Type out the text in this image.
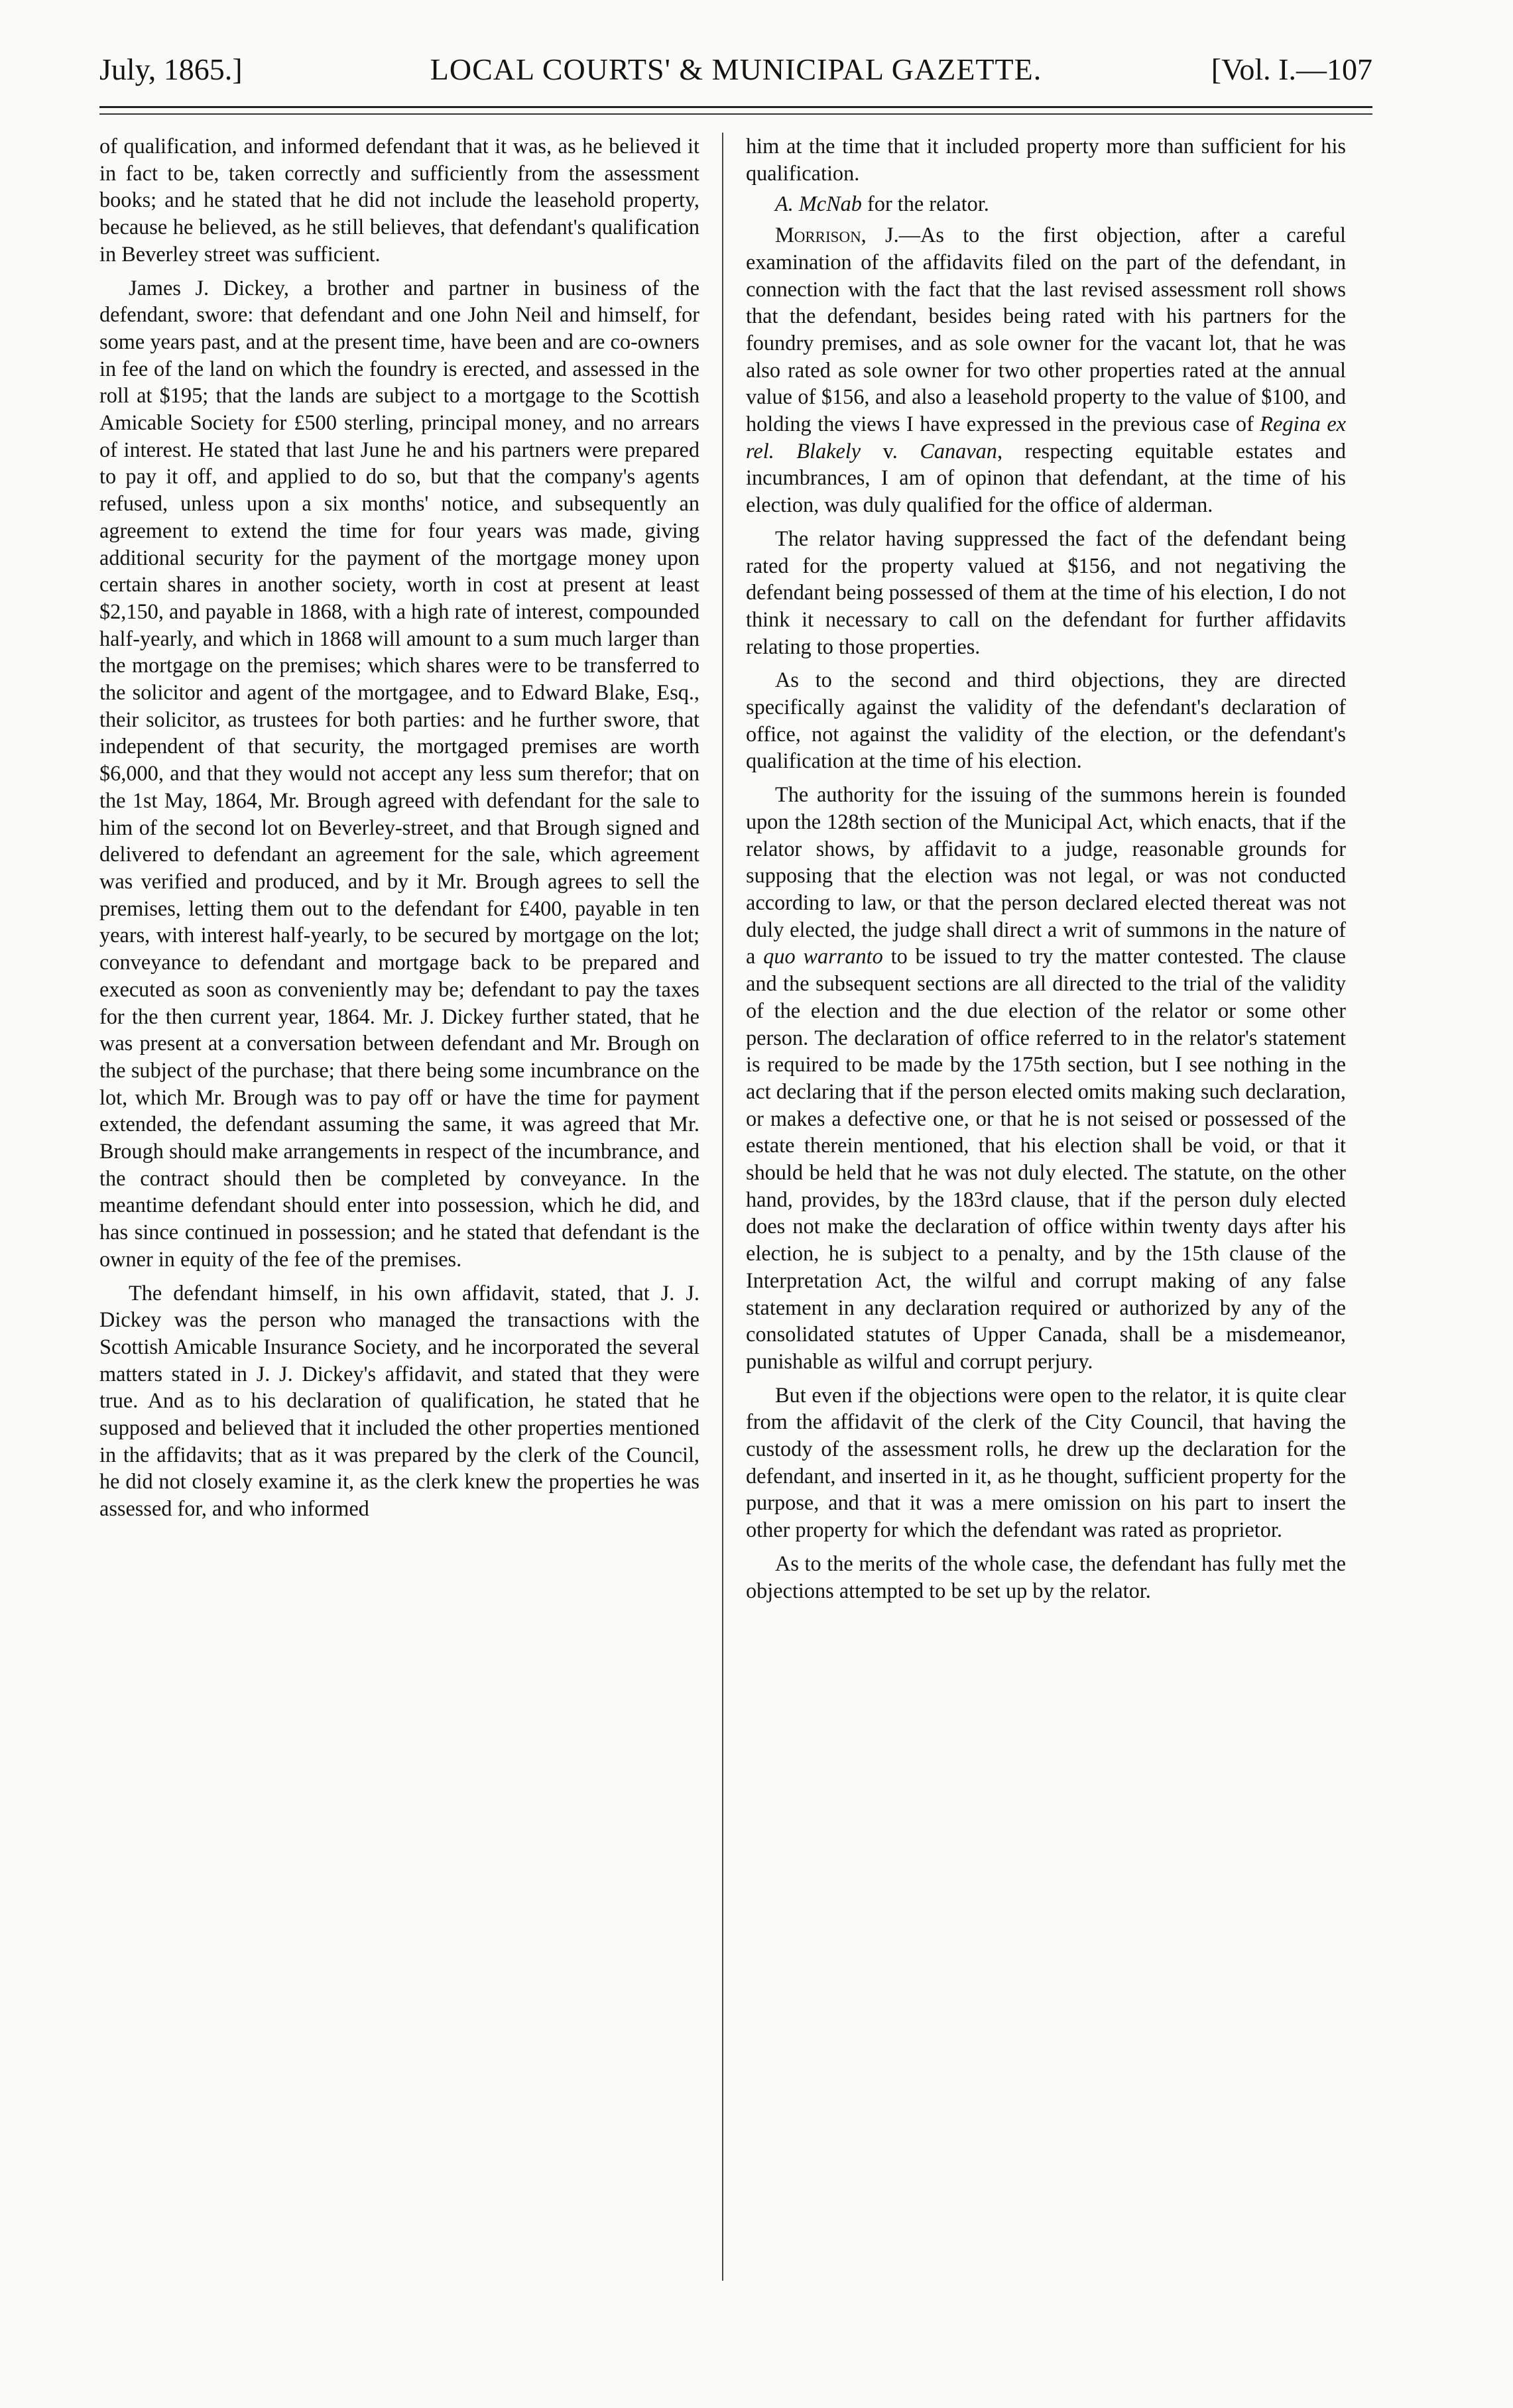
July, 1865.]	LOCAL COURTS' & MUNICIPAL GAZETTE.	[Vol. I.—107

of qualification, and informed defendant that it was, as he believed it in fact to be, taken correctly and sufficiently from the assessment books; and he stated that he did not include the leasehold property, because he believed, as he still believes, that defendant's qualification in Beverley street was sufficient.

James J. Dickey, a brother and partner in business of the defendant, swore: that defendant and one John Neil and himself, for some years past, and at the present time, have been and are co-owners in fee of the land on which the foundry is erected, and assessed in the roll at $195; that the lands are subject to a mortgage to the Scottish Amicable Society for £500 sterling, principal money, and no arrears of interest. He stated that last June he and his partners were prepared to pay it off, and applied to do so, but that the company's agents refused, unless upon a six months' notice, and subsequently an agreement to extend the time for four years was made, giving additional security for the payment of the mortgage money upon certain shares in another society, worth in cost at present at least $2,150, and payable in 1868, with a high rate of interest, compounded half-yearly, and which in 1868 will amount to a sum much larger than the mortgage on the premises; which shares were to be transferred to the solicitor and agent of the mortgagee, and to Edward Blake, Esq., their solicitor, as trustees for both parties: and he further swore, that independent of that security, the mortgaged premises are worth $6,000, and that they would not accept any less sum therefor; that on the 1st May, 1864, Mr. Brough agreed with defendant for the sale to him of the second lot on Beverley-street, and that Brough signed and delivered to defendant an agreement for the sale, which agreement was verified and produced, and by it Mr. Brough agrees to sell the premises, letting them out to the defendant for £400, payable in ten years, with interest half-yearly, to be secured by mortgage on the lot; conveyance to defendant and mortgage back to be prepared and executed as soon as conveniently may be; defendant to pay the taxes for the then current year, 1864. Mr. J. Dickey further stated, that he was present at a conversation between defendant and Mr. Brough on the subject of the purchase; that there being some incumbrance on the lot, which Mr. Brough was to pay off or have the time for payment extended, the defendant assuming the same, it was agreed that Mr. Brough should make arrangements in respect of the incumbrance, and the contract should then be completed by conveyance. In the meantime defendant should enter into possession, which he did, and has since continued in possession; and he stated that defendant is the owner in equity of the fee of the premises.

The defendant himself, in his own affidavit, stated, that J. J. Dickey was the person who managed the transactions with the Scottish Amicable Insurance Society, and he incorporated the several matters stated in J. J. Dickey's affidavit, and stated that they were true. And as to his declaration of qualification, he stated that he supposed and believed that it included the other properties mentioned in the affidavits; that as it was prepared by the clerk of the Council, he did not closely examine it, as the clerk knew the properties he was assessed for, and who informed

him at the time that it included property more than sufficient for his qualification.

A. McNab for the relator.

Morrison, J.—As to the first objection, after a careful examination of the affidavits filed on the part of the defendant, in connection with the fact that the last revised assessment roll shows that the defendant, besides being rated with his partners for the foundry premises, and as sole owner for the vacant lot, that he was also rated as sole owner for two other properties rated at the annual value of $156, and also a leasehold property to the value of $100, and holding the views I have expressed in the previous case of Regina ex rel. Blakely v. Canavan, respecting equitable estates and incumbrances, I am of opinon that defendant, at the time of his election, was duly qualified for the office of alderman.

The relator having suppressed the fact of the defendant being rated for the property valued at $156, and not negativing the defendant being possessed of them at the time of his election, I do not think it necessary to call on the defendant for further affidavits relating to those properties.

As to the second and third objections, they are directed specifically against the validity of the defendant's declaration of office, not against the validity of the election, or the defendant's qualification at the time of his election.

The authority for the issuing of the summons herein is founded upon the 128th section of the Municipal Act, which enacts, that if the relator shows, by affidavit to a judge, reasonable grounds for supposing that the election was not legal, or was not conducted according to law, or that the person declared elected thereat was not duly elected, the judge shall direct a writ of summons in the nature of a quo warranto to be issued to try the matter contested. The clause and the subsequent sections are all directed to the trial of the validity of the election and the due election of the relator or some other person. The declaration of office referred to in the relator's statement is required to be made by the 175th section, but I see nothing in the act declaring that if the person elected omits making such declaration, or makes a defective one, or that he is not seised or possessed of the estate therein mentioned, that his election shall be void, or that it should be held that he was not duly elected. The statute, on the other hand, provides, by the 183rd clause, that if the person duly elected does not make the declaration of office within twenty days after his election, he is subject to a penalty, and by the 15th clause of the Interpretation Act, the wilful and corrupt making of any false statement in any declaration required or authorized by any of the consolidated statutes of Upper Canada, shall be a misdemeanor, punishable as wilful and corrupt perjury.

But even if the objections were open to the relator, it is quite clear from the affidavit of the clerk of the City Council, that having the custody of the assessment rolls, he drew up the declaration for the defendant, and inserted in it, as he thought, sufficient property for the purpose, and that it was a mere omission on his part to insert the other property for which the defendant was rated as proprietor.

As to the merits of the whole case, the defendant has fully met the objections attempted to be set up by the relator.
